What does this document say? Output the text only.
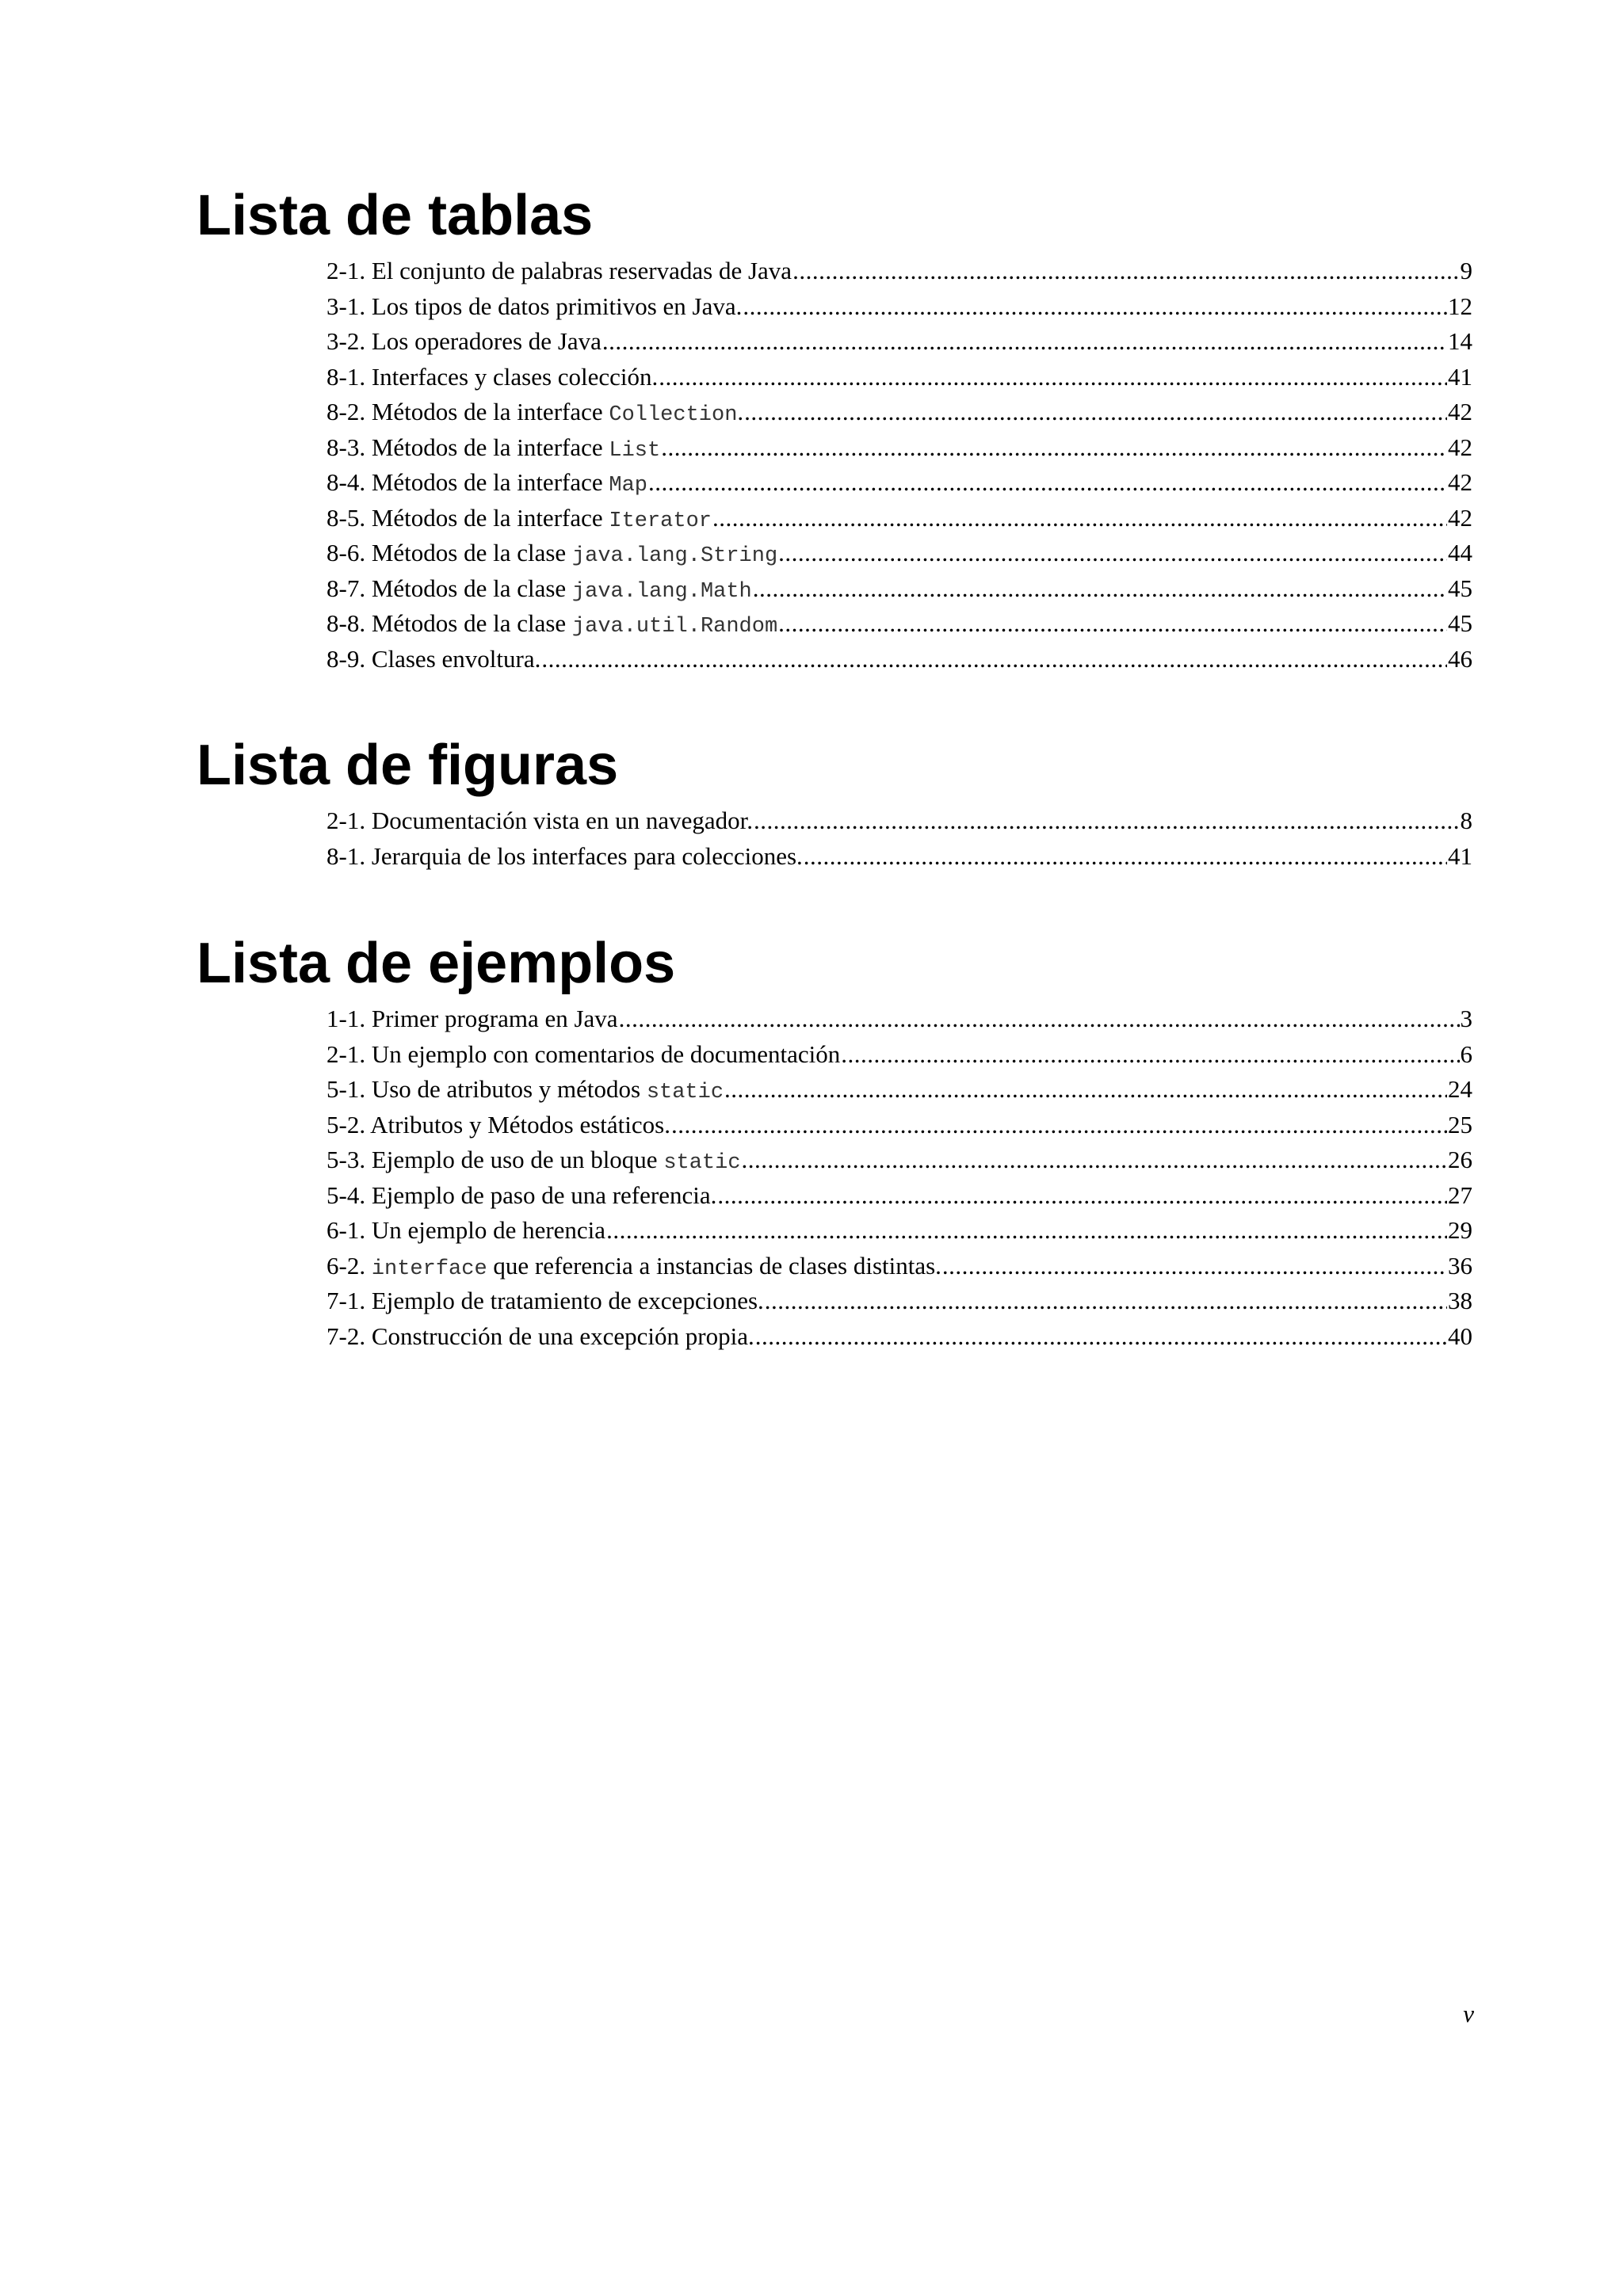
Lista de tablas
2-1. El conjunto de palabras reservadas de Java .....	9
3-1. Los tipos de datos primitivos en Java. .....	12
3-2. Los operadores de Java .....	14
8-1. Interfaces y clases colección. .....	41
8-2. Métodos de la interface Collection. .....	42
8-3. Métodos de la interface List .....	42
8-4. Métodos de la interface Map .....	42
8-5. Métodos de la interface Iterator .....	42
8-6. Métodos de la clase java.lang.String .....	44
8-7. Métodos de la clase java.lang.Math .....	45
8-8. Métodos de la clase java.util.Random .....	45
8-9. Clases envoltura. .....	46
Lista de figuras
2-1. Documentación vista en un navegador. .....	8
8-1. Jerarquia de los interfaces para colecciones. .....	41
Lista de ejemplos
1-1. Primer programa en Java .....	3
2-1. Un ejemplo con comentarios de documentación .....	6
5-1. Uso de atributos y métodos static .....	24
5-2. Atributos y Métodos estáticos. .....	25
5-3. Ejemplo de uso de un bloque static .....	26
5-4. Ejemplo de paso de una referencia. .....	27
6-1. Un ejemplo de herencia .....	29
6-2. interface que referencia a instancias de clases distintas. .....	36
7-1. Ejemplo de tratamiento de excepciones. .....	38
7-2. Construcción de una excepción propia. .....	40
v
